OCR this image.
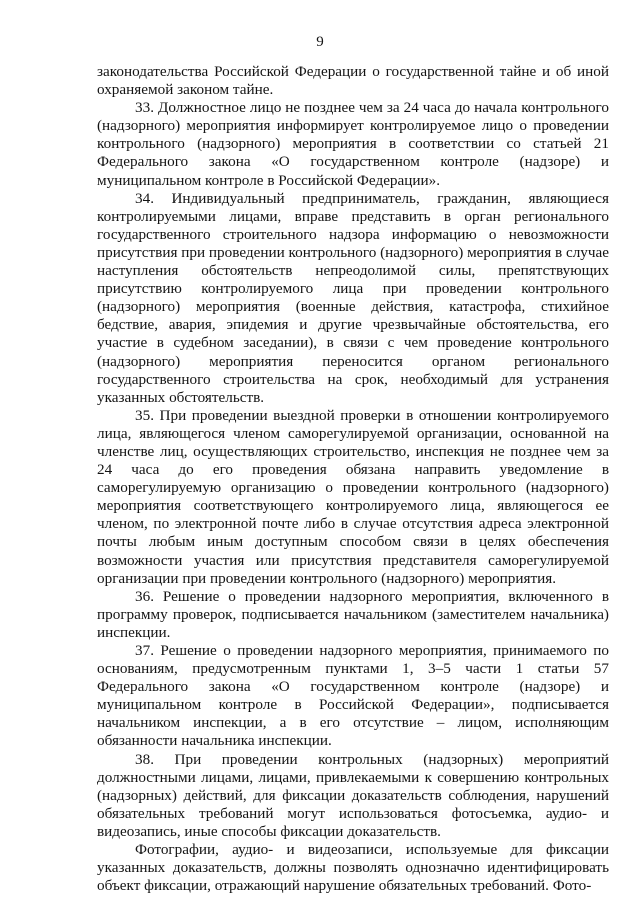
9

законодательства Российской Федерации о государственной тайне и об иной охраняемой законом тайне.

33. Должностное лицо не позднее чем за 24 часа до начала контрольного (надзорного) мероприятия информирует контролируемое лицо о проведении контрольного (надзорного) мероприятия в соответствии со статьей 21 Федерального закона «О государственном контроле (надзоре) и муниципальном контроле в Российской Федерации».

34. Индивидуальный предприниматель, гражданин, являющиеся контролируемыми лицами, вправе представить в орган регионального государственного строительного надзора информацию о невозможности присутствия при проведении контрольного (надзорного) мероприятия в случае наступления обстоятельств непреодолимой силы, препятствующих присутствию контролируемого лица при проведении контрольного (надзорного) мероприятия (военные действия, катастрофа, стихийное бедствие, авария, эпидемия и другие чрезвычайные обстоятельства, его участие в судебном заседании), в связи с чем проведение контрольного (надзорного) мероприятия переносится органом регионального государственного строительства на срок, необходимый для устранения указанных обстоятельств.

35. При проведении выездной проверки в отношении контролируемого лица, являющегося членом саморегулируемой организации, основанной на членстве лиц, осуществляющих строительство, инспекция не позднее чем за 24 часа до его проведения обязана направить уведомление в саморегулируемую организацию о проведении контрольного (надзорного) мероприятия соответствующего контролируемого лица, являющегося ее членом, по электронной почте либо в случае отсутствия адреса электронной почты любым иным доступным способом связи в целях обеспечения возможности участия или присутствия представителя саморегулируемой организации при проведении контрольного (надзорного) мероприятия.

36. Решение о проведении надзорного мероприятия, включенного в программу проверок, подписывается начальником (заместителем начальника) инспекции.

37. Решение о проведении надзорного мероприятия, принимаемого по основаниям, предусмотренным пунктами 1, 3–5 части 1 статьи 57 Федерального закона «О государственном контроле (надзоре) и муниципальном контроле в Российской Федерации», подписывается начальником инспекции, а в его отсутствие – лицом, исполняющим обязанности начальника инспекции.

38. При проведении контрольных (надзорных) мероприятий должностными лицами, лицами, привлекаемыми к совершению контрольных (надзорных) действий, для фиксации доказательств соблюдения, нарушений обязательных требований могут использоваться фотосъемка, аудио- и видеозапись, иные способы фиксации доказательств.

Фотографии, аудио- и видеозаписи, используемые для фиксации указанных доказательств, должны позволять однозначно идентифицировать объект фиксации, отражающий нарушение обязательных требований. Фото-
